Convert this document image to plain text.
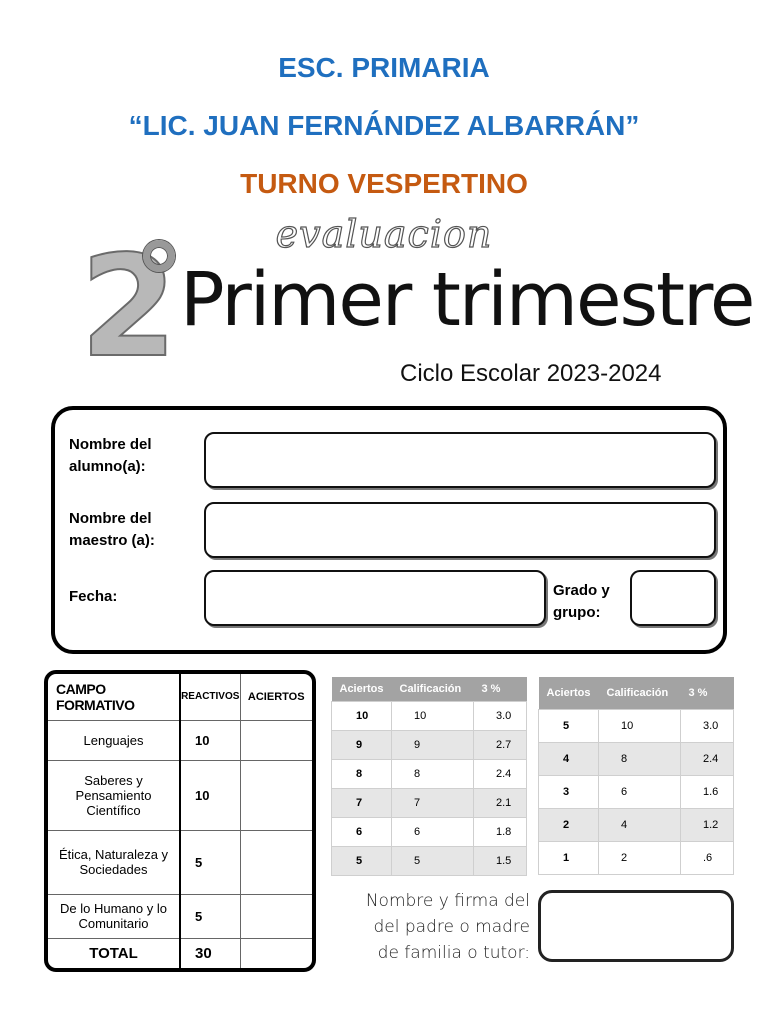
ESC. PRIMARIA
“LIC. JUAN FERNÁNDEZ ALBARRÁN”
TURNO VESPERTINO
evaluacion
2 Primer trimestre
Ciclo Escolar 2023-2024
Nombre del
alumno(a):
Nombre del
maestro (a):
Fecha:	Grado y
grupo:
CAMPO FORMATIVO	REACTIVOS	ACIERTOS

Lenguajes	10	

Saberes y
Pensamiento
Científico	10	

Ética, Naturaleza y
Sociedades	5	

De lo Humano y lo
Comunitario	5	
TOTAL	30	
Aciertos	Calificación	3 %
10	10	3.0
9	9	2.7
8	8	2.4
7	7	2.1
6	6	1.8
5	5	1.5
Aciertos	Calificación	3 %
5	10	3.0
4	8	2.4
3	6	1.6
2	4	1.2
1	2	.6
Nombre y firma del
del padre o madre
de familia o tutor:
